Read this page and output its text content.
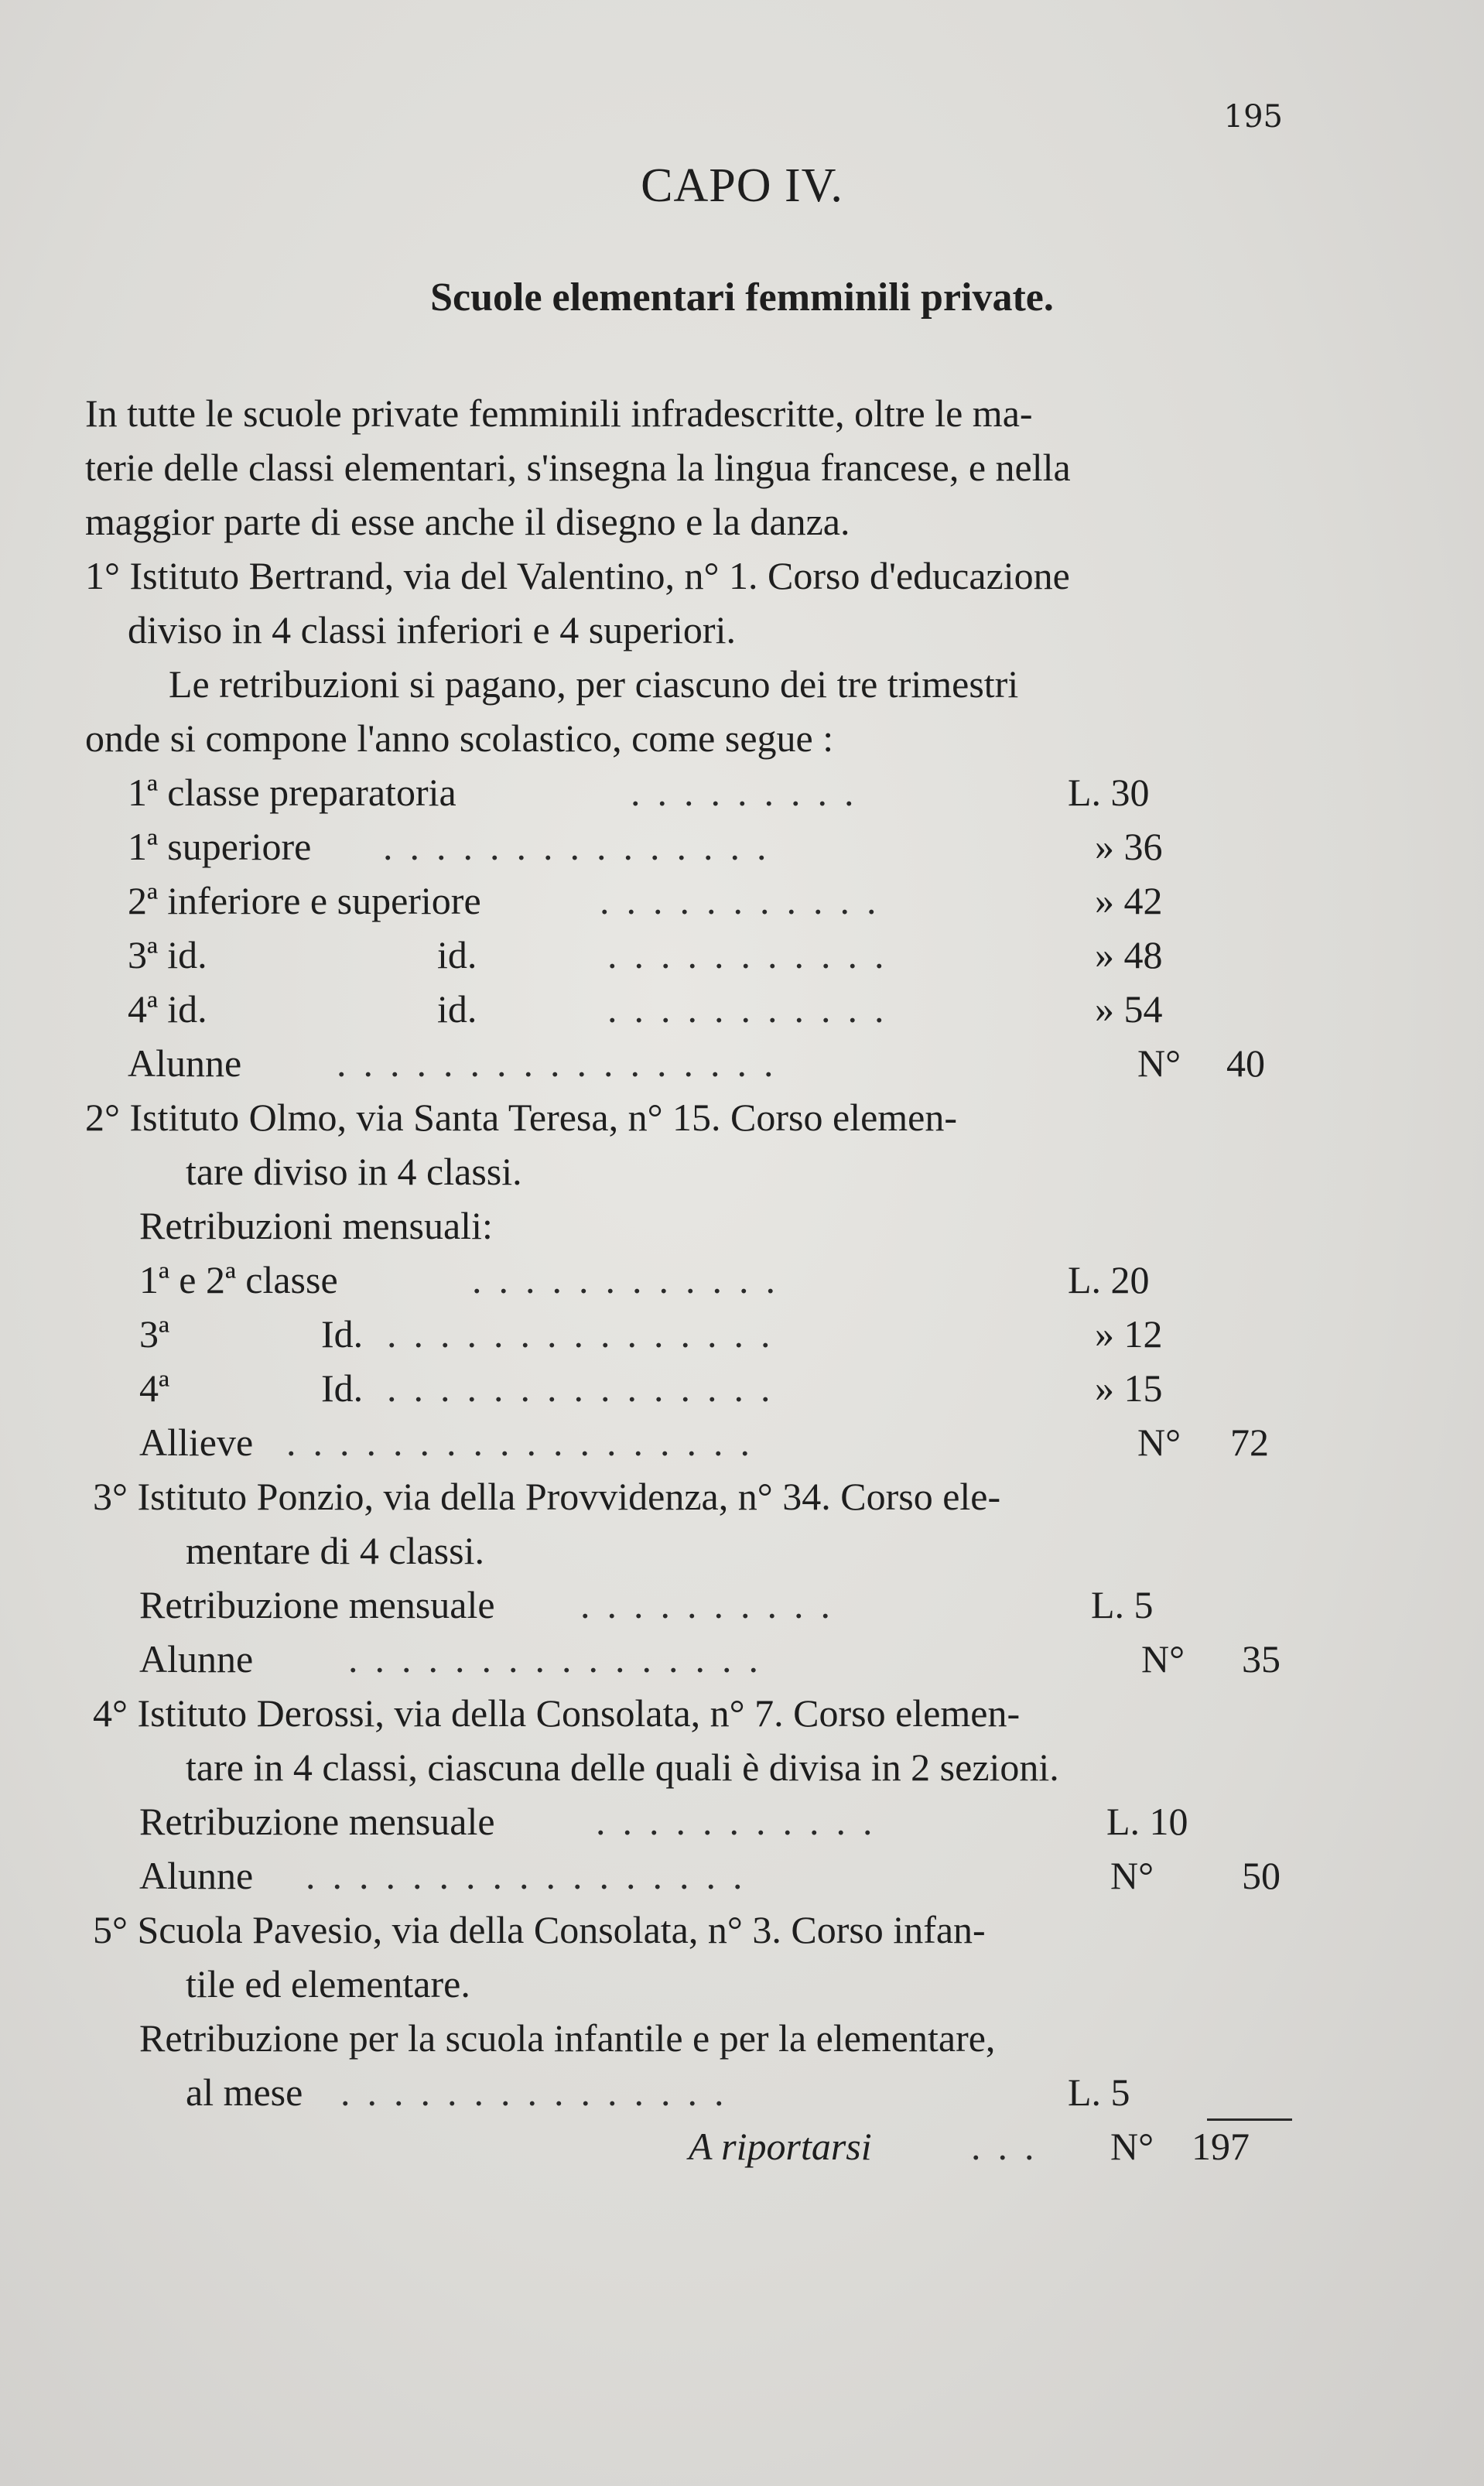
195
CAPO IV.
Scuole elementari femminili private.
In tutte le scuole private femminili infradescritte, oltre le ma-
terie delle classi elementari, s'insegna la lingua francese, e nella
maggior parte di esse anche il disegno e la danza.
1° Istituto Bertrand, via del Valentino, n° 1. Corso d'educazione
diviso in 4 classi inferiori e 4 superiori.
Le retribuzioni si pagano, per ciascuno dei tre trimestri
onde si compone l'anno scolastico, come segue :
1ª classe preparatoria	.........	L. 30
1ª superiore ...............	» 36
2ª inferiore e superiore	...........	» 42
3ª id.	id.	...........	» 48
4ª id.	id.	...........	» 54
Alunne .................	N° 40
2° Istituto Olmo, via Santa Teresa, n° 15. Corso elemen-
tare diviso in 4 classi.
Retribuzioni mensuali:
1ª e 2ª classe	............	L. 20
3ª	Id. ...............	» 12
4ª	Id. ...............	» 15
Allieve ..................	N° 72
3° Istituto Ponzio, via della Provvidenza, n° 34. Corso ele-
mentare di 4 classi.
Retribuzione mensuale ..........	L. 5
Alunne ................	N° 35
4° Istituto Derossi, via della Consolata, n° 7. Corso elemen-
tare in 4 classi, ciascuna delle quali è divisa in 2 sezioni.
Retribuzione mensuale	...........	L. 10
Alunne .................	N° 50
5° Scuola Pavesio, via della Consolata, n° 3. Corso infan-
tile ed elementare.
Retribuzione per la scuola infantile e per la elementare,
al mese ...............	L. 5
A riportarsi	... N° 197
